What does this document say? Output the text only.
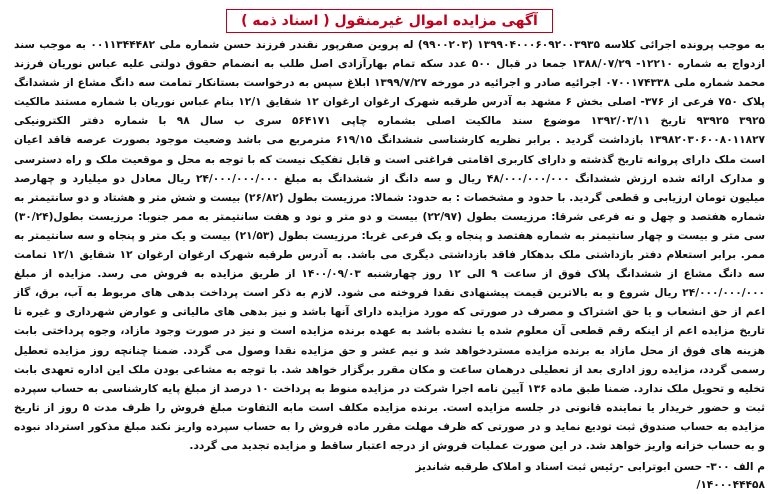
آگهی مزایده اموال غیرمنقول ( اسناد ذمه )

به موجب پرونده اجرائی کلاسه ۱۳۹۹۰۴۰۰۰۶۰۹۲۰۰۳۹۳۵ (۹۹۰۰۲۰۳) له پروین صفرپور نقندر فرزند حسن شماره ملی ۰۰۱۱۳۴۴۴۸۲ به موجب سند ازدواج به شماره ۱۲۲۱۰- ۱۳۸۸/۰۷/۲۹ جمعا در قبال ۵۰۰ عدد سکه تمام بهارآزادی اصل طلب به انضمام حقوق دولتی علیه عباس نوریان فرزند محمد شماره ملی ۰۷۰۰۱۷۴۳۳۸ اجرائیه صادر و اجرائیه در مورخه ۱۳۹۹/۷/۲۷ ابلاغ سپس به درخواست بستانکار تمامت سه دانگ مشاع از ششدانگ پلاک ۷۵۰ فرعی از ۳۷۶- اصلی بخش ۶ مشهد به آدرس طرقبه شهرک ارغوان ارغوان ۱۲ شقایق ۱۲/۱ بنام عباس نوریان با شماره مستند مالکیت ۳۹۲۵ ۹۳۹۲۵ تاریخ ۱۳۹۲/۰۳/۱۱ موضوع سند مالکیت اصلی بشماره چاپی ۵۶۴۱۷۱ سری ب سال ۹۸ با شماره دفتر الکترونیکی ۱۳۹۸۲۰۳۰۶۰۰۸۰۱۱۸۲۷ بازداشت گردید . برابر نظریه کارشناسی ششدانگ ۶۱۹/۱۵ مترمربع می باشد وضعیت موجود بصورت عرصه فاقد اعیان است ملک دارای پروانه تاریخ گذشته و دارای کاربری اقامتی فراغتی است و قابل تفکیک نیست که با توجه به محل و موقعیت ملک و راه دسترسی و مدارک ارائه شده ارزش ششدانگ ۴۸/۰۰۰/۰۰۰/۰۰۰ ریال و سه دانگ از ششدانگ به مبلغ ۲۴/۰۰۰/۰۰۰/۰۰۰ ریال معادل دو میلیارد و چهارصد میلیون تومان ارزیابی و قطعی گردید. با حدود و مشخصات : به حدود: شمالا: مرزیست بطول (۲۶/۸۲) بیست و شش متر و هشتاد و دو سانتیمتر به شماره هفتصد و چهل و نه فرعی شرقا: مرزیست بطول (۲۲/۹۷) بیست و دو متر و نود و هفت سانتیمتر به ممر جنوبا: مرزیست بطول(۳۰/۲۴) سی متر و بیست و چهار سانتیمتر به شماره هفتصد و پنجاه و یک فرعی غربا: مرزیست بطول (۲۱/۵۳) بیست و یک متر و پنجاه و سه سانتیمتر به ممر. برابر استعلام دفتر بازداشتی ملک بدهکار فاقد بازداشتی دیگری می باشد. به آدرس طرقبه شهرک ارغوان ارغوان ۱۲ شقایق ۱۲/۱ تمامت سه دانگ مشاع از ششدانگ پلاک فوق از ساعت ۹ الی ۱۲ روز چهارشنبه ۱۴۰۰/۰۹/۰۳ از طریق مزایده به فروش می رسد. مزایده از مبلغ ۲۴/۰۰۰/۰۰۰/۰۰۰ ریال شروع و به بالاترین قیمت پیشنهادی نقدا فروخته می شود. لازم به ذکر است پرداخت بدهی های مربوط به آب، برق، گاز اعم از حق انشعاب و یا حق اشتراک و مصرف در صورتی که مورد مزایده دارای آنها باشد و نیز بدهی های مالیاتی و عوارض شهرداری و غیره تا تاریخ مزایده اعم از اینکه رقم قطعی آن معلوم شده یا نشده باشد به عهده برنده مزایده است و نیز در صورت وجود مازاد، وجوه پرداختی بابت هزینه های فوق از محل مازاد به برنده مزایده مستردخواهد شد و نیم عشر و حق مزایده نقدا وصول می گردد. ضمنا چنانچه روز مزایده تعطیل رسمی گردد، مزایده روز اداری بعد از تعطیلی درهمان ساعت و مکان مقرر برگزار خواهد شد. با توجه به مشاعی بودن ملک این اداره تعهدی بابت تخلیه و تحویل ملک ندارد. ضمنا طبق ماده ۱۳۶ آیین نامه اجرا شرکت در مزایده منوط به پرداخت ۱۰ درصد از مبلغ پایه کارشناسی به حساب سپرده ثبت و حضور خریدار یا نماینده قانونی در جلسه مزایده است. برنده مزایده مکلف است مابه التفاوت مبلغ فروش را ظرف مدت ۵ روز از تاریخ مزایده به حساب صندوق ثبت تودیع نماید و در صورتی که ظرف مهلت مقرر ماده فروش را به حساب سپرده واریز نکند مبلغ مذکور استرداد نبوده و به حساب خزانه واریز خواهد شد. در این صورت عملیات فروش از درجه اعتبار ساقط و مزایده تجدید می گردد.

م الف ۳۰۰- حسن ابوترابی -رئیس ثبت اسناد و املاک طرقبه شاندیز
۱۴۰۰۰۴۴۴۵۸/
